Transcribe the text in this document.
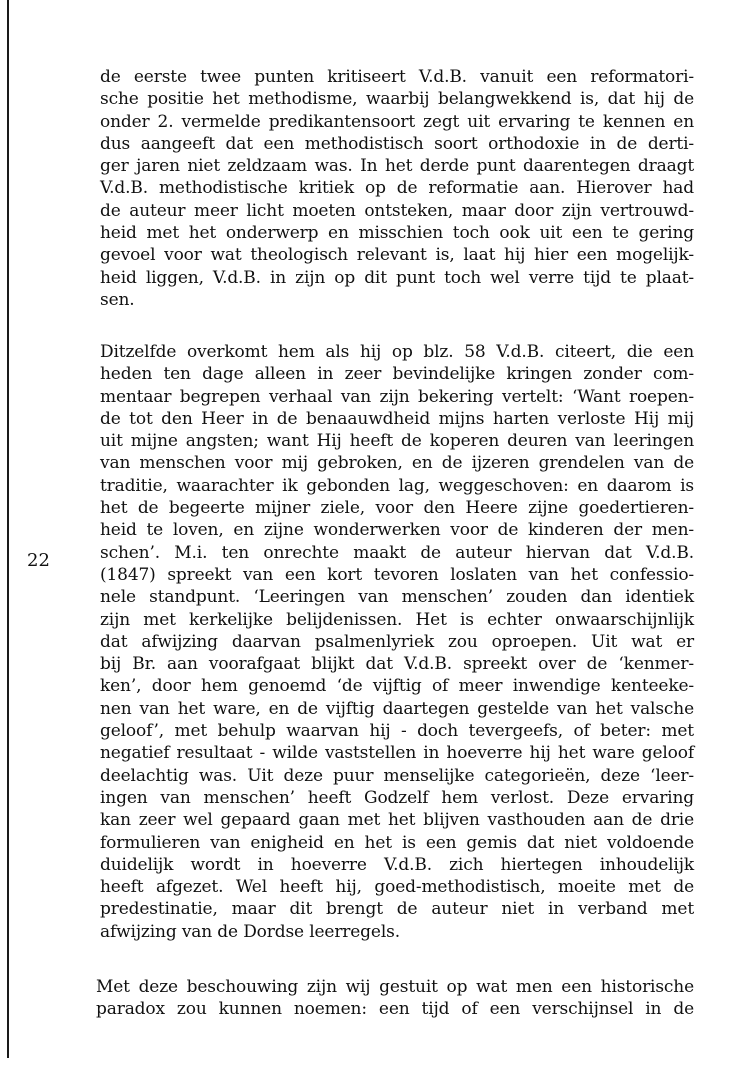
22
de eerste twee punten kritiseert V.d.B. vanuit een reformatori-
sche positie het methodisme, waarbij belangwekkend is, dat hij de
onder 2. vermelde predikantensoort zegt uit ervaring te kennen en
dus aangeeft dat een methodistisch soort orthodoxie in de derti-
ger jaren niet zeldzaam was. In het derde punt daarentegen draagt
V.d.B. methodistische kritiek op de reformatie aan. Hierover had
de auteur meer licht moeten ontsteken, maar door zijn vertrouwd-
heid met het onderwerp en misschien toch ook uit een te gering
gevoel voor wat theologisch relevant is, laat hij hier een mogelijk-
heid liggen, V.d.B. in zijn op dit punt toch wel verre tijd te plaat-
sen.
Ditzelfde overkomt hem als hij op blz. 58 V.d.B. citeert, die een
heden ten dage alleen in zeer bevindelijke kringen zonder com-
mentaar begrepen verhaal van zijn bekering vertelt: ‘Want roepen-
de tot den Heer in de benaauwdheid mijns harten verloste Hij mij
uit mijne angsten; want Hij heeft de koperen deuren van leeringen
van menschen voor mij gebroken, en de ijzeren grendelen van de
traditie, waarachter ik gebonden lag, weggeschoven: en daarom is
het de begeerte mijner ziele, voor den Heere zijne goedertieren-
heid te loven, en zijne wonderwerken voor de kinderen der men-
schen’. M.i. ten onrechte maakt de auteur hiervan dat V.d.B.
(1847) spreekt van een kort tevoren loslaten van het confessio-
nele standpunt. ‘Leeringen van menschen’ zouden dan identiek
zijn met kerkelijke belijdenissen. Het is echter onwaarschijnlijk
dat afwijzing daarvan psalmenlyriek zou oproepen. Uit wat er
bij Br. aan voorafgaat blijkt dat V.d.B. spreekt over de ‘kenmer-
ken’, door hem genoemd ‘de vijftig of meer inwendige kenteeke-
nen van het ware, en de vijftig daartegen gestelde van het valsche
geloof’, met behulp waarvan hij - doch tevergeefs, of beter: met
negatief resultaat - wilde vaststellen in hoeverre hij het ware geloof
deelachtig was. Uit deze puur menselijke categorieën, deze ‘leer-
ingen van menschen’ heeft Godzelf hem verlost. Deze ervaring
kan zeer wel gepaard gaan met het blijven vasthouden aan de drie
formulieren van enigheid en het is een gemis dat niet voldoende
duidelijk wordt in hoeverre V.d.B. zich hiertegen inhoudelijk
heeft afgezet. Wel heeft hij, goed-methodistisch, moeite met de
predestinatie, maar dit brengt de auteur niet in verband met
afwijzing van de Dordse leerregels.
Met deze beschouwing zijn wij gestuit op wat men een historische
paradox zou kunnen noemen: een tijd of een verschijnsel in de
